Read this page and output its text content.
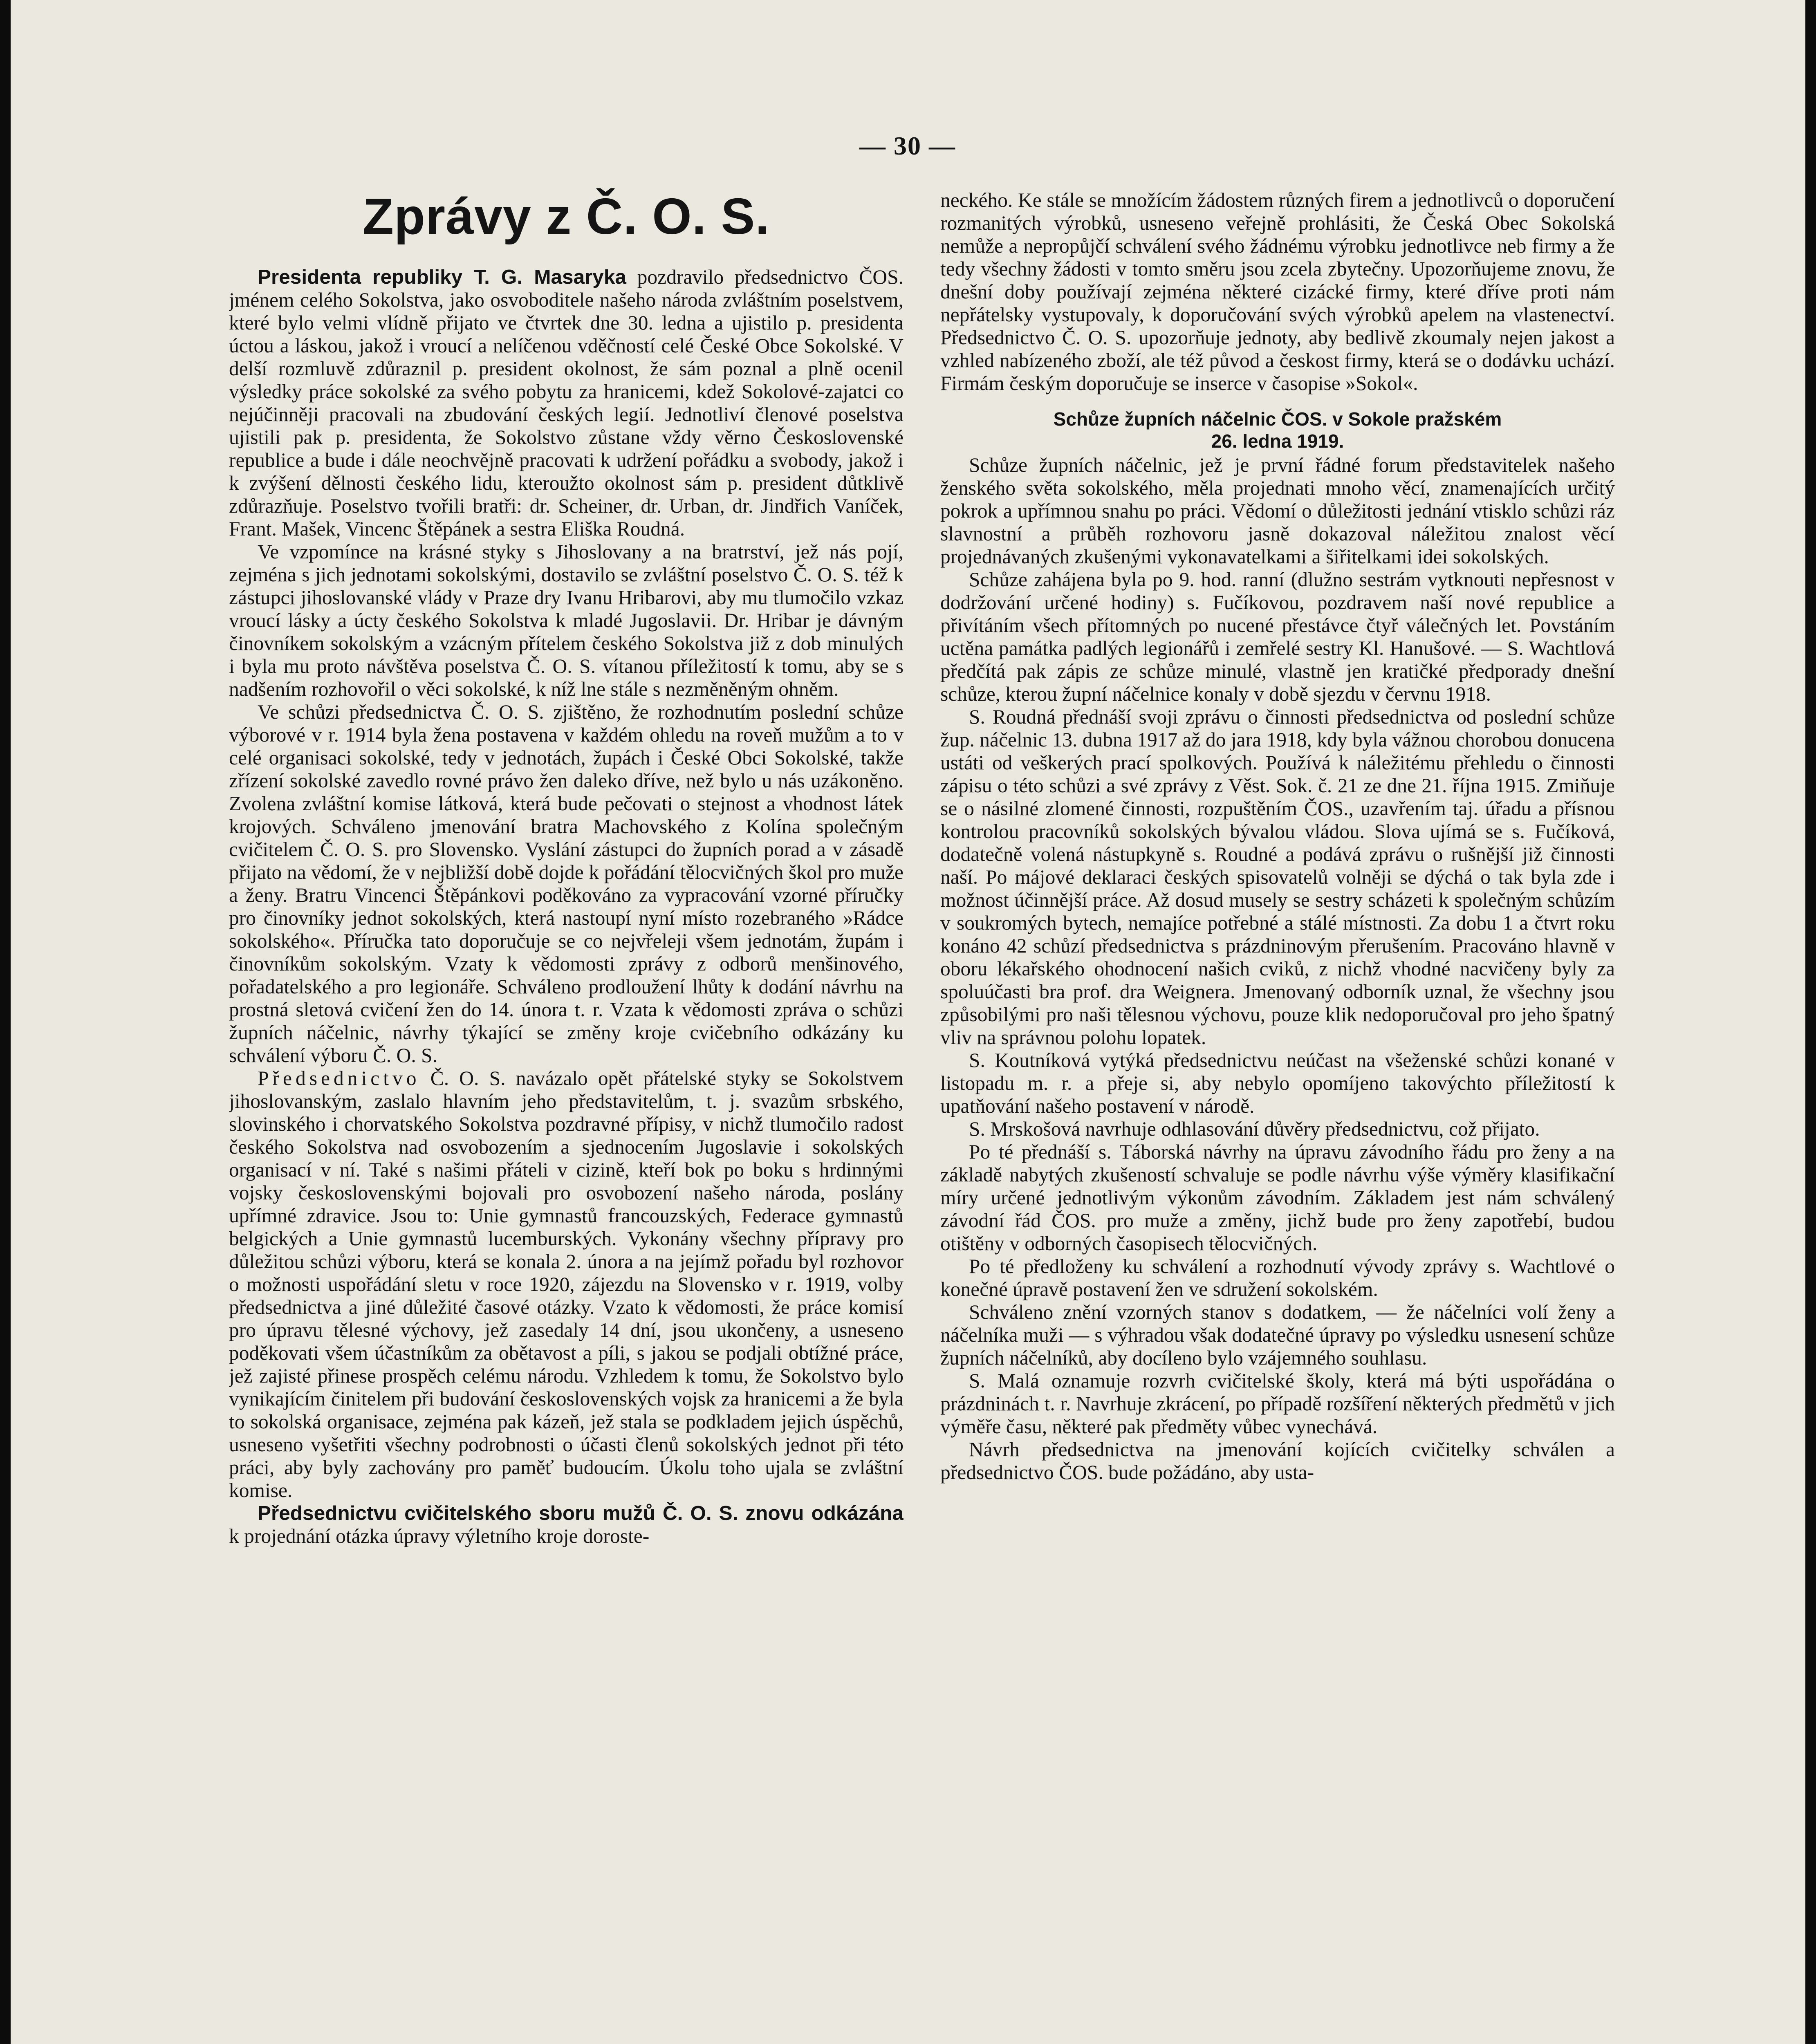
— 30 —
Zprávy z Č. O. S.

Presidenta republiky T. G. Masaryka pozdravilo předsednictvo ČOS. jménem celého Sokolstva, jako osvoboditele našeho národa zvláštním poselstvem, které bylo velmi vlídně přijato ve čtvrtek dne 30. ledna a ujistilo p. presidenta úctou a láskou, jakož i vroucí a nelíčenou vděčností celé České Obce Sokolské. V delší rozmluvě zdůraznil p. president okolnost, že sám poznal a plně ocenil výsledky práce sokolské za svého pobytu za hranicemi, kdež Sokolové-zajatci co nejúčinněji pracovali na zbudování českých legií. Jednotliví členové poselstva ujistili pak p. presidenta, že Sokolstvo zůstane vždy věrno Československé republice a bude i dále neochvějně pracovati k udržení pořádku a svobody, jakož i k zvýšení dělnosti českého lidu, kteroužto okolnost sám p. president důtklivě zdůrazňuje. Poselstvo tvořili bratři: dr. Scheiner, dr. Urban, dr. Jindřich Vaníček, Frant. Mašek, Vincenc Štěpánek a sestra Eliška Roudná.

Ve vzpomínce na krásné styky s Jihoslovany a na bratrství, jež nás pojí, zejména s jich jednotami sokolskými, dostavilo se zvláštní poselstvo Č. O. S. též k zástupci jihoslovanské vlády v Praze drу Ivanu Hribarovi, aby mu tlumočilo vzkaz vroucí lásky a úcty českého Sokolstva k mladé Jugoslavii. Dr. Hribar je dávným činovníkem sokolským a vzácným přítelem českého Sokolstva již z dob minulých i byla mu proto návštěva poselstva Č. O. S. vítanou příležitostí k tomu, aby se s nadšením rozhovořil o věci sokolské, k níž lne stále s nezměněným ohněm.

Ve schůzi předsednictva Č. O. S. zjištěno, že rozhodnutím poslední schůze výborové v r. 1914 byla žena postavena v každém ohledu na roveň mužům a to v celé organisaci sokolské, tedy v jednotách, župách i České Obci Sokolské, takže zřízení sokolské zavedlo rovné právo žen daleko dříve, než bylo u nás uzákoněno. Zvolena zvláštní komise látková, která bude pečovati o stejnost a vhodnost látek krojových. Schváleno jmenování bratra Machovského z Kolína společným cvičitelem Č. O. S. pro Slovensko. Vyslání zástupci do župních porad a v zásadě přijato na vědomí, že v nejbližší době dojde k pořádání tělocvičných škol pro muže a ženy. Bratru Vincenci Štěpánkovi poděkováno za vypracování vzorné příručky pro činovníky jednot sokolských, která nastoupí nyní místo rozebraného »Rádce sokolského«. Příručka tato doporučuje se co nejvřeleji všem jednotám, župám i činovníkům sokolským. Vzaty k vědomosti zprávy z odborů menšinového, pořadatelského a pro legionáře. Schváleno prodloužení lhůty k dodání návrhu na prostná sletová cvičení žen do 14. února t. r. Vzata k vědomosti zpráva o schůzi župních náčelnic, návrhy týkající se změny kroje cvičebního odkázány ku schválení výboru Č. O. S.

Předsednictvo Č. O. S. navázalo opět přátelské styky se Sokolstvem jihoslovanským, zaslalo hlavním jeho představitelům, t. j. svazům srbského, slovinského i chorvatského Sokolstva pozdravné přípisy, v nichž tlumočilo radost českého Sokolstva nad osvobozením a sjednocením Jugoslavie i sokolských organisací v ní. Také s našimi přáteli v cizině, kteří bok po boku s hrdinnými vojsky československými bojovali pro osvobození našeho národa, poslány upřímné zdravice. Jsou to: Unie gymnastů francouzských, Federace gymnastů belgických a Unie gymnastů lucemburských. Vykonány všechny přípravy pro důležitou schůzi výboru, která se konala 2. února a na jejímž pořadu byl rozhovor o možnosti uspořádání sletu v roce 1920, zájezdu na Slovensko v r. 1919, volby předsednictva a jiné důležité časové otázky. Vzato k vědomosti, že práce komisí pro úpravu tělesné výchovy, jež zasedaly 14 dní, jsou ukončeny, a usneseno poděkovati všem účastníkům za obětavost a píli, s jakou se podjali obtížné práce, jež zajisté přinese prospěch celému národu. Vzhledem k tomu, že Sokolstvo bylo vynikajícím činitelem při budování československých vojsk za hranicemi a že byla to sokolská organisace, zejména pak kázeň, jež stala se podkladem jejich úspěchů, usneseno vyšetřiti všechny podrobnosti o účasti členů sokolských jednot při této práci, aby byly zachovány pro paměť budoucím. Úkolu toho ujala se zvláštní komise.

Předsednictvu cvičitelského sboru mužů Č. O. S. znovu odkázána k projednání otázka úpravy výletního kroje doroste-

neckého. Ke stále se množícím žádostem různých firem a jednotlivců o doporučení rozmanitých výrobků, usneseno veřejně prohlásiti, že Česká Obec Sokolská nemůže a nepropůjčí schválení svého žádnému výrobku jednotlivce neb firmy a že tedy všechny žádosti v tomto směru jsou zcela zbytečny. Upozorňujeme znovu, že dnešní doby používají zejména některé cizácké firmy, které dříve proti nám nepřátelsky vystupovaly, k doporučování svých výrobků apelem na vlastenectví. Předsednictvo Č. O. S. upozorňuje jednoty, aby bedlivě zkoumaly nejen jakost a vzhled nabízeného zboží, ale též původ a českost firmy, která se o dodávku uchází. Firmám českým doporučuje se inserce v časopise »Sokol«.

Schůze župních náčelnic ČOS. v Sokole pražském
26. ledna 1919.

Schůze župních náčelnic, jež je první řádné forum představitelek našeho ženského světa sokolského, měla projednati mnoho věcí, znamenajících určitý pokrok a upřímnou snahu po práci. Vědomí o důležitosti jednání vtisklo schůzi ráz slavnostní a průběh rozhovoru jasně dokazoval náležitou znalost věcí projednávaných zkušenými vykonavatelkami a šiřitelkami idei sokolských.

Schůze zahájena byla po 9. hod. ranní (dlužno sestrám vytknouti nepřesnost v dodržování určené hodiny) s. Fučíkovou, pozdravem naší nové republice a přivítáním všech přítomných po nucené přestávce čtyř válečných let. Povstáním uctěna památka padlých legionářů i zemřelé sestry Kl. Hanušové. — S. Wachtlová předčítá pak zápis ze schůze minulé, vlastně jen kratičké předporady dnešní schůze, kterou župní náčelnice konaly v době sjezdu v červnu 1918.

S. Roudná přednáší svoji zprávu o činnosti předsednictva od poslední schůze žup. náčelnic 13. dubna 1917 až do jara 1918, kdy byla vážnou chorobou donucena ustáti od veškerých prací spolkových. Používá k náležitému přehledu o činnosti zápisu o této schůzi a své zprávy z Věst. Sok. č. 21 ze dne 21. října 1915. Zmiňuje se o násilné zlomené činnosti, rozpuštěním ČOS., uzavřením taj. úřadu a přísnou kontrolou pracovníků sokolských bývalou vládou. Slova ujímá se s. Fučíková, dodatečně volená nástupkyně s. Roudné a podává zprávu o rušnější již činnosti naší. Po májové deklaraci českých spisovatelů volněji se dýchá o tak byla zde i možnost účinnější práce. Až dosud musely se sestry scházeti k společným schůzím v soukromých bytech, nemajíce potřebné a stálé místnosti. Za dobu 1 a čtvrt roku konáno 42 schůzí předsednictva s prázdninovým přerušením. Pracováno hlavně v oboru lékařského ohodnocení našich cviků, z nichž vhodné nacvičeny byly za spoluúčasti bra prof. dra Weignera. Jmenovaný odborník uznal, že všechny jsou způsobilými pro naši tělesnou výchovu, pouze klik nedoporučoval pro jeho špatný vliv na správnou polohu lopatek.

S. Koutníková vytýká předsednictvu neúčast na všeženské schůzi konané v listopadu m. r. a přeje si, aby nebylo opomíjeno takovýchto příležitostí k upatňování našeho postavení v národě.

S. Mrskošová navrhuje odhlasování důvěry předsednictvu, což přijato.

Po té přednáší s. Táborská návrhy na úpravu závodního řádu pro ženy a na základě nabytých zkušeností schvaluje se podle návrhu výše výměry klasifikační míry určené jednotlivým výkonům závodním. Základem jest nám schválený závodní řád ČOS. pro muže a změny, jichž bude pro ženy zapotřebí, budou otištěny v odborných časopisech tělocvičných.

Po té předloženy ku schválení a rozhodnutí vývody zprávy s. Wachtlové o konečné úpravě postavení žen ve sdružení sokolském.

Schváleno znění vzorných stanov s dodatkem, — že náčelníci volí ženy a náčelníka muži — s výhradou však dodatečné úpravy po výsledku usnesení schůze župních náčelníků, aby docíleno bylo vzájemného souhlasu.

S. Malá oznamuje rozvrh cvičitelské školy, která má býti uspořádána o prázdninách t. r. Navrhuje zkrácení, po případě rozšíření některých předmětů v jich výměře času, některé pak předměty vůbec vynechává.

Návrh předsednictva na jmenování kojících cvičitelky schválen a předsednictvo ČOS. bude požádáno, aby usta-
